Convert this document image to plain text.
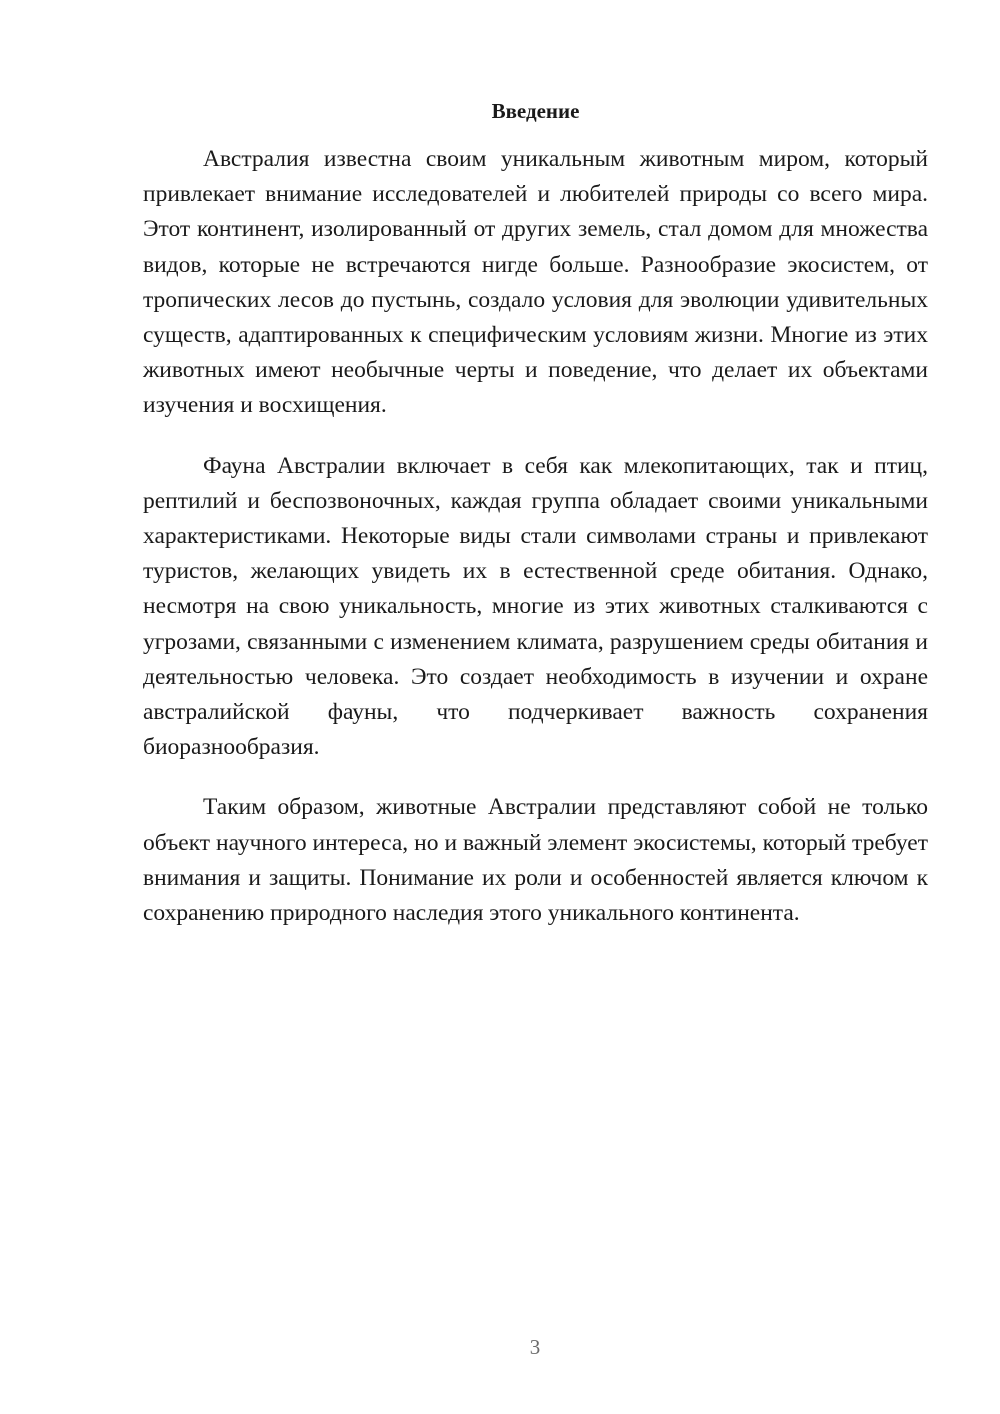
Введение

Австралия известна своим уникальным животным миром, который привлекает внимание исследователей и любителей природы со всего мира. Этот континент, изолированный от других земель, стал домом для множества видов, которые не встречаются нигде больше. Разнообразие экосистем, от тропических лесов до пустынь, создало условия для эволюции удивительных существ, адаптированных к специфическим условиям жизни. Многие из этих животных имеют необычные черты и поведение, что делает их объектами изучения и восхищения.

Фауна Австралии включает в себя как млекопитающих, так и птиц, рептилий и беспозвоночных, каждая группа обладает своими уникальными характеристиками. Некоторые виды стали символами страны и привлекают туристов, желающих увидеть их в естественной среде обитания. Однако, несмотря на свою уникальность, многие из этих животных сталкиваются с угрозами, связанными с изменением климата, разрушением среды обитания и деятельностью человека. Это создает необходимость в изучении и охране австралийской фауны, что подчеркивает важность сохранения биоразнообразия.

Таким образом, животные Австралии представляют собой не только объект научного интереса, но и важный элемент экосистемы, который требует внимания и защиты. Понимание их роли и особенностей является ключом к сохранению природного наследия этого уникального континента.

3
